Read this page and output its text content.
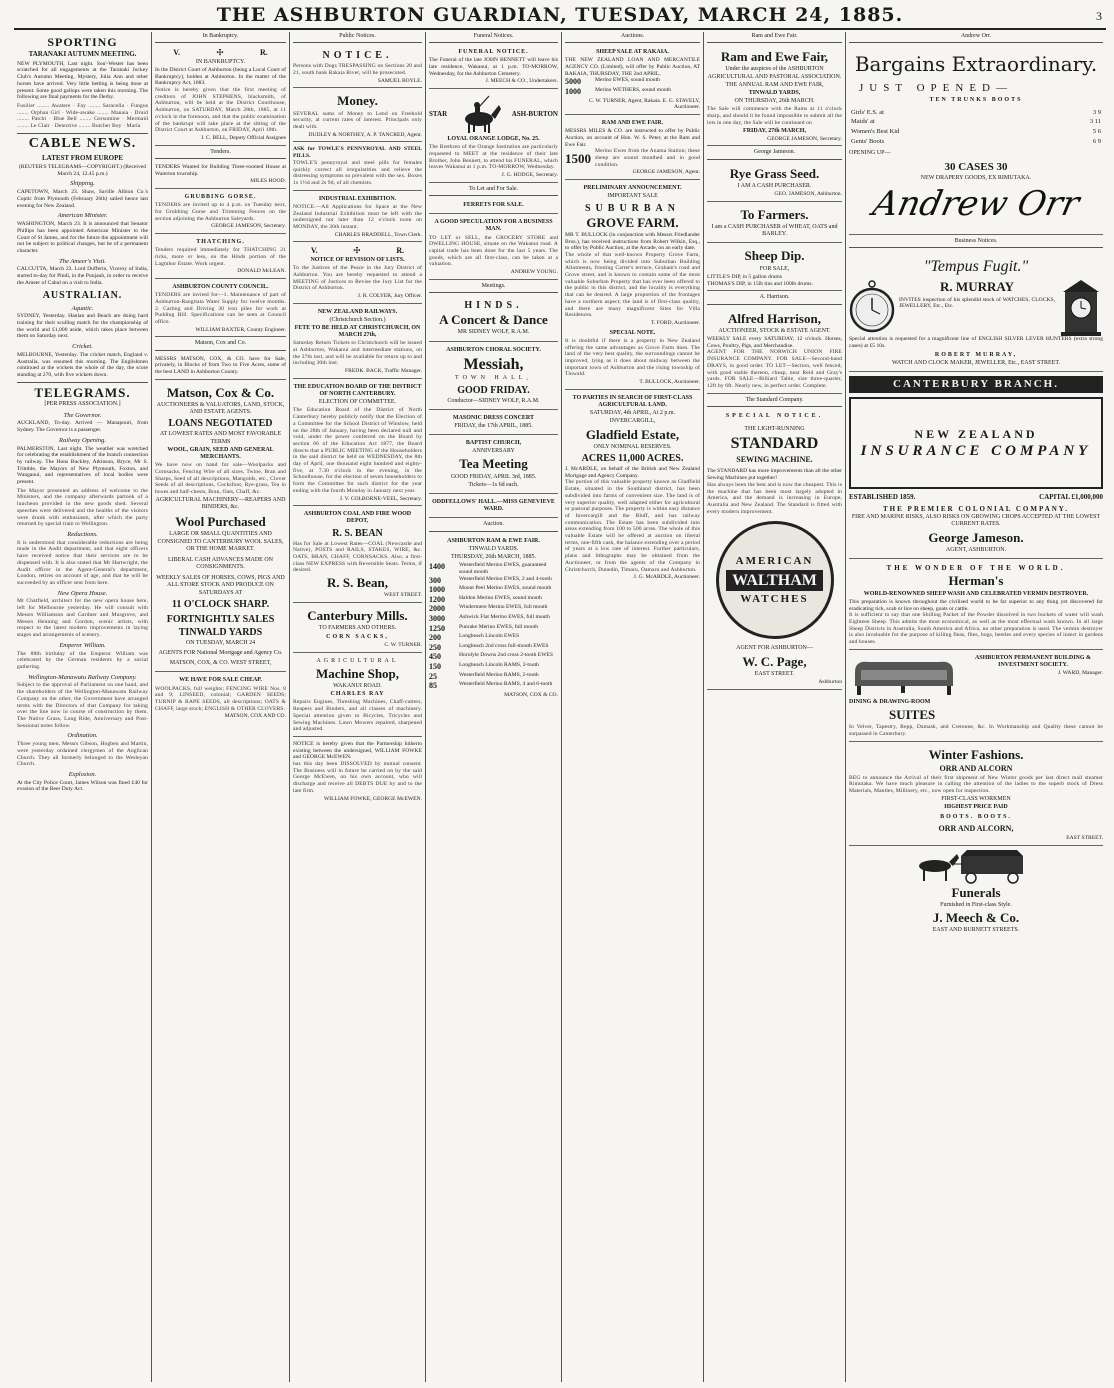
THE ASHBURTON GUARDIAN, TUESDAY, MARCH 24, 1885.	3
SPORTING
TARANAKI AUTUMN MEETING.

NEW PLYMOUTH, Last night. Sou'-Wester has been scratched for all engagements at the Taranaki Jockey Club's Autumn Meeting. Mystery, Julia Ann and other horses have arrived. Very little betting is being done at present. Some good gallops were taken this morning. The following are final payments for the Derby.

Fusilier ........ Awatere · Fay ........ Saracella · Fungus ........ Orphan Girl · Wide-awake ........ Manaia · Druid ........ Patchi · Blue Bell ........ Gersomine · Mermaid ........ Le Clair · Detective ........ Butcher Boy · Maria

CABLE NEWS.
LATEST FROM EUROPE

(REUTER'S TELEGRAMS—COPYRIGHT.) (Received March 24, 12.45 p.m.)

Shipping.

CAPETOWN, March 23. Shaw, Saville Albion Co.'s Coptic from Plymouth (February 26th) sailed hence last evening for New Zealand.

American Minister.

WASHINGTON, March 23. It is announced that Senator Phillips has been appointed American Minister to the Court of St James, and for the future the appointment will not be subject to political changes, but be of a permanent character.

The Ameer's Visit.

CALCUTTA, March 23. Lord Dufferin, Viceroy of India, started to-day for Pindi, in the Punjaub, in order to receive the Ameer of Cabul on a visit to India.

AUSTRALIAN.
Aquatic.

SYDNEY, Yesterday. Hanlan and Beach are doing hard training for their sculling match for the championship of the world and £1,000 aside, which takes place between them on Saturday next.

Cricket.

MELBOURNE, Yesterday. The cricket match, England v. Australia, was resumed this morning. The Englishmen continued at the wickets the whole of the day, the score standing at 270, with five wickets down.

TELEGRAMS.
[PER PRESS ASSOCIATION.]
The Governor.

AUCKLAND, To-day. Arrived — Manapouri, from Sydney. The Governor is a passenger.

Railway Opening.

PALMERSTON, Last night. The weather was wretched for celebrating the establishment of the branch connection by railway. The Hons Buckley, Atkinson, Bryce, Mr S. Trimble, the Mayors of New Plymouth, Foxton, and Wanganui, and representatives of local bodies were present.

The Mayor presented an address of welcome to the Ministers, and the company afterwards partook of a luncheon provided in the new goods shed. Several speeches were delivered and the healths of the visitors were drunk with enthusiasm, after which the party returned by special train to Wellington.

Reductions.

It is understood that considerable reductions are being made in the Audit department, and that eight officers have received notice that their services are to be dispensed with. It is also stated that Mr Hartwright, the Audit officer in the Agent-General's department, London, retires on account of age, and that he will be succeeded by an officer sent from here.

New Opera House.

Mr Chatfield, architect for the new opera house here, left for Melbourne yesterday. He will consult with Messrs Williamson and Gardner and Musgrove, and Messrs Henning and Gordon, scenic artists, with respect to the latest modern improvements in laying stages and arrangements of scenery.

Emperor William.

The 88th birthday of the Emperor William was celebrated by the German residents by a social gathering.

Wellington-Manawatu Railway Company.

Subject to the approval of Parliament on one hand, and the shareholders of the Wellington-Manawatu Railway Company on the other, the Government have arranged terms with the Directors of that Company for taking over the line now in course of construction by them. The Native Grass, Long Ride, Anniversary and Post-Sessional notes follow.

Ordination.

Three young men, Messrs Gibson, Hogben and Martin, were yesterday ordained clergymen of the Anglican Church. They all formerly belonged to the Wesleyan Church.

Explosion.

At the City Police Court, James Wilson was fined £40 for evasion of the Beer Duty Act.

In Bankruptcy.
V.	☩	R.
IN BANKRUPTCY.

In the District Court of Ashburton (being a Local Court of Bankruptcy), holden at Ashburton. In the matter of the Bankruptcy Act, 1883.

Notice is hereby given that the first meeting of creditors of JOHN STEPHENS, blacksmith, of Ashburton, will be held at the District Courthouse, Ashburton, on SATURDAY, March 28th, 1885, at 11 o'clock in the forenoon, and that the public examination of the bankrupt will take place at the sitting of the District Court at Ashburton, on FRIDAY, April 10th.

J. C. BELL, Deputy Official Assignee
Tenders.

TENDERS Wanted for Building Three-roomed House at Waterton township.

MILES HOOD.
GRUBBING GORSE.

TENDERS are invited up to 4 p.m. on Tuesday next, for Grubbing Gorse and Trimming Fences on the section adjoining the Ashburton Saleyards.

GEORGE JAMESON, Secretary.
THATCHING.

Tenders required immediately for THATCHING 21 ricks, more or less, on the Hinds portion of the Lagmhor Estate. Work urgent.

DONALD McLEAN.
ASHBURTON COUNTY COUNCIL.

TENDERS are invited for—1. Maintenance of part of Ashburton-Rangitata Water Supply for twelve months. 2. Carting and Driving 30 iron piles for work at Pudding Hill. Specifications can be seen at Council office.

WILLIAM BAXTER, County Engineer.
Matson, Cox and Co.

MESSRS MATSON, COX, & CO. have for Sale, privately, in Blocks of from Two to Five Acres, some of the best LAND in Ashburton County.

Matson, Cox & Co.
AUCTIONEERS & VALUATORS, LAND, STOCK, AND ESTATE AGENTS.
LOANS NEGOTIATED
AT LOWEST RATES AND MOST FAVORABLE TERMS
WOOL, GRAIN, SEED AND GENERAL MERCHANTS.

We have now on hand for sale—Woolpacks and Cornsacks, Fencing Wire of all sizes, Twine, Bran and Sharps, Seed of all descriptions, Mangolds, etc., Clover Seeds of all descriptions, Cocksfoot, Rye-grass, Tea in boxes and half-chests, Bran, Oats, Chaff, &c.

AGRICULTURAL MACHINERY—REAPERS AND BINDERS, &c.
Wool Purchased
LARGE OR SMALL QUANTITIES AND CONSIGNED TO CANTERBURY WOOL SALES, OR THE HOME MARKET.
LIBERAL CASH ADVANCES MADE ON CONSIGNMENTS.
WEEKLY SALES OF HORSES, COWS, PIGS AND ALL STORE STOCK AND PRODUCE ON SATURDAYS AT
11 O'CLOCK SHARP.
FORTNIGHTLY SALES
TINWALD YARDS
ON TUESDAY, MARCH 24
AGENTS FOR National Mortgage and Agency Co.
MATSON, COX, & CO. WEST STREET,
WE HAVE FOR SALE CHEAP.

WOOLPACKS, full weights; FENCING WIRE Nos. 8 and 9; LINSEED, colonial; GARDEN SEEDS; TURNIP & RAPE SEEDS, all descriptions; OATS & CHAFF, large stock; ENGLISH & OTHER CLOVERS.

MATSON, COX AND CO.
Public Notices.
NOTICE.

Persons with Dogs TRESPASSING on Sections 20 and 21, south bank Rakaia River, will be prosecuted.

SAMUEL BOYLE.
Money.

SEVERAL sums of Money to Lend on Freehold security, at current rates of interest. Principals only dealt with.

DUDLEY & NORTHEY, A. P. TANCRED, Agent.

ASK for TOWLE'S PENNYROYAL AND STEEL PILLS.

TOWLE'S pennyroyal and steel pills for females quickly correct all irregularities and relieve the distressing symptoms so prevalent with the sex. Boxes 1s 1½d and 2s 9d, of all chemists.

INDUSTRIAL EXHIBITION.

NOTICE.—All Applications for Space at the New Zealand Industrial Exhibition must be left with the undersigned not later than 12 o'clock noon on MONDAY, the 30th instant.

CHARLES BRADDELL, Town Clerk.
V.	☩	R.
NOTICE OF REVISION OF LISTS.

To the Justices of the Peace in the Jury District of Ashburton. You are hereby requested to attend a MEETING of Justices to Revise the Jury List for the District of Ashburton.

J. R. COLYER, Jury Officer.
NEW ZEALAND RAILWAYS.
(Christchurch Section.)
FETE TO BE HELD AT CHRISTCHURCH, ON MARCH 27th,

Saturday Return Tickets to Christchurch will be issued at Ashburton, Wakanui and intermediate stations, on the 27th inst, and will be available for return up to and including 30th inst.

FREDK. BACK, Traffic Manager.
THE EDUCATION BOARD OF THE DISTRICT OF NORTH CANTERBURY.
ELECTION OF COMMITTEE.

The Education Board of the District of North Canterbury hereby publicly notify that the Election of a Committee for the School District of Winslow, held on the 28th of January, having been declared null and void, under the power conferred on the Board by section 66 of the Education Act 1877, the Board directs that a PUBLIC MEETING of the Householders in the said district be held on WEDNESDAY, the 8th day of April, one thousand eight hundred and eighty-five, at 7.30 o'clock in the evening, in the Schoolhouse, for the election of seven householders to form the Committee for such district for the year ending with the fourth Monday in January next year.

J. V. COLBORNE-VEEL, Secretary.
ASHBURTON COAL AND FIRE WOOD DEPOT,
R. S. BEAN

Has for Sale at Lowest Rates—COAL (Newcastle and Native), POSTS and RAILS, STAKES, WIRE, &c. OATS, BRAN, CHAFF, CORNSACKS. Also, a first-class NEW EXPRESS with Reversible Seats. Terms, if desired.

R. S. Bean,
WEST STREET.
Canterbury Mills.
TO FARMERS AND OTHERS.
CORN SACKS,
C. W. TURNER.
AGRICULTURAL
Machine Shop,
WAKANUI ROAD.
CHARLES RAY

Repairs Engines, Threshing Machines, Chaff-cutters, Reapers and Binders, and all classes of machinery. Special attention given to Bicycles, Tricycles and Sewing Machines. Lawn Mowers repaired, sharpened and adjusted.

NOTICE is hereby given that the Partnership hitherto existing between the undersigned, WILLIAM FOWKE and GEORGE McEWEN.

has this day been DISSOLVED by mutual consent. The Business will in future be carried on by the said George McEwen, on his own account, who will discharge and receive all DEBTS DUE by and to the late firm.

WILLIAM FOWKE, GEORGE McEWEN.
Funeral Notices.
FUNERAL NOTICE.

The Funeral of the late JOHN BENNETT will leave his late residence, Wakanui, at 1 p.m. TO-MORROW, Wednesday, for the Ashburton Cemetery.

J. MEECH & CO., Undertakers.
STAR	ASH-BURTON
LOYAL ORANGE LODGE, No. 25.

The Brethren of the Orange Institution are particularly requested to MEET at the residence of their late Brother, John Bennett, to attend his FUNERAL, which leaves Wakanui at 1 p.m. TO-MORROW, Wednesday.

J. G. HODGE, Secretary.
To Let and For Sale.
FERRETS FOR SALE.
A GOOD SPECULATION FOR A BUSINESS MAN.

TO LET or SELL, the GROCERY STORE and DWELLING HOUSE, situate on the Wakanui road. A capital trade has been done for the last 5 years. The goods, which are all first-class, can be taken at a valuation.

ANDREW YOUNG.
Meetings.
HINDS.
A Concert & Dance
MR SIDNEY WOLF, R.A.M.
ASHBURTON CHORAL SOCIETY.
Messiah,
TOWN HALL,
GOOD FRIDAY.
Conductor—SIDNEY WOLF, R.A.M.
MASONIC DRESS CONCERT
FRIDAY, the 17th APRIL, 1885.
BAPTIST CHURCH,
ANNIVERSARY
Tea Meeting
GOOD FRIDAY, APRIL 3rd, 1885.
Tickets—1s 6d each.
ODDFELLOWS' HALL.—MISS GENEVIEVE WARD.
Auction.
ASHBURTON RAM & EWE FAIR.
TINWALD YARDS.
THURSDAY, 26th MARCH, 1885.
1400	Westerfield Merino EWES, guaranteed sound mouth
300	Westerfield Merino EWES, 2 and 4-tooth
1000	Mount Peel Merino EWES, sound mouth
1200	Haldon Merino EWES, sound mouth
2000	Windermere Merino EWES, full mouth
3000	Ashwick Flat Merino EWES, full mouth
1250	Punrake Merino EWES, full mouth
200	Longbeach Lincoln EWES
250	Longbeach 2nd cross full-mouth EWES
450	Horolyle Downs 2nd cross 2-tooth EWES
150	Longbeach Lincoln RAMS, 2-tooth
25	Westerfield Merino RAMS, 2-tooth
85	Westerfield Merino RAMS, 4 and 6-tooth
MATSON, COX & CO.
Auctions.
SHEEP SALE AT RAKAIA.

THE NEW ZEALAND LOAN AND MERCANTILE AGENCY CO. (Limited), will offer by Public Auction, AT RAKAIA, THURSDAY, THE 2nd APRIL,

5000	Merino EWES, sound mouth
1000	Merino WETHERS, sound mouth
C. W. TURNER, Agent, Rakaia. E. G. STAVELY, Auctioneer.
RAM AND EWE FAIR.

MESSRS MILES & CO. are instructed to offer by Public Auction, on account of Hon. W. S. Peter, at the Ram and Ewe Fair.

1500 Merino Ewes from the Anama Station; these sheep are sound mouthed and in good condition.
GEORGE JAMESON, Agent.
PRELIMINARY ANNOUNCEMENT.
IMPORTANT SALE
SUBURBAN
GROVE FARM.

MR T. BULLOCK (in conjunction with Messrs Friedlander Bros.), has received instructions from Robert Wilkin, Esq., to offer by Public Auction, at the Arcade, on an early date.

The whole of that well-known Property Grove Farm, which is now being divided into Suburban Building Allotments, fronting Carter's terrace, Graham's road and Grove street, and is known to contain some of the most valuable Suburban Property that has ever been offered to the public in this district, and the locality is everything that can be desired. A large proportion of the frontages have a northern aspect; the land is of first-class quality, and there are many magnificent Sites for Villa Residences.

T. FORD, Auctioneer.
SPECIAL NOTE.

It is doubtful if there is a property in New Zealand offering the same advantages as Grove Farm does. The land of the very best quality, the surroundings cannot be improved, lying as it does about midway between the important town of Ashburton and the rising township of Tinwald.

T. BULLOCK, Auctioneer.
TO PARTIES IN SEARCH OF FIRST-CLASS AGRICULTURAL LAND.
SATURDAY, 4th APRIL, At 2 p.m.
INVERCARGILL,
Gladfield Estate,
ONLY NOMINAL RESERVES.
ACRES 11,000 ACRES.

J. McARDLE, on behalf of the British and New Zealand Mortgage and Agency Company.

The portion of this valuable property known as Gladfield Estate, situated in the Southland district, has been subdivided into farms of convenient size. The land is of very superior quality, well adapted either for agricultural or pastoral purposes. The property is within easy distance of Invercargill and the Bluff, and has railway communication. The Estate has been subdivided into areas extending from 100 to 500 acres. The whole of this valuable Estate will be offered at auction on liberal terms, one-fifth cash, the balance extending over a period of years at a low rate of interest. Further particulars, plans and lithographs may be obtained from the Auctioneer, or from the agents of the Company in Christchurch, Dunedin, Timaru, Oamaru and Ashburton.

J. G. McARDLE, Auctioneer.
Ram and Ewe Fair.
Ram and Ewe Fair,
Under the auspices of the ASHBURTON AGRICULTURAL AND PASTORAL ASSOCIATION.
THE ANNUAL RAM AND EWE FAIR,
TINWALD YARDS,
ON THURSDAY, 26th MARCH.

The Sale will commence with the Rams at 11 o'clock sharp, and should it be found impossible to submit all the lots in one day, the Sale will be continued on

FRIDAY, 27th MARCH,
GEORGE JAMESON, Secretary.
George Jameson.
Rye Grass Seed.
I AM A CASH PURCHASER.
GEO. JAMESON, Ashburton.
To Farmers.
I am a CASH PURCHASER of WHEAT, OATS and BARLEY.
Sheep Dip.
FOR SALE,

LITTLE'S DIP, in 5 gallon drums

THOMAS'S DIP, in 15lb tins and 100lb drums.

A. Harrison.
Alfred Harrison,
AUCTIONEER, STOCK & ESTATE AGENT.

WEEKLY SALE every SATURDAY, 12 o'clock. Horses, Cows, Poultry, Pigs, and Merchandise.

AGENT FOR THE NORWICH UNION FIRE INSURANCE COMPANY. FOR SALE—Second-hand DRAYS, in good order. TO LET—Section, well fenced, with good stable thereon, cheap, near Reid and Gray's yards. FOR SALE—Billiard Table, size three-quarter, 12ft by 6ft. Nearly new, in perfect order. Complete.

The Standard Company.
SPECIAL NOTICE.
THE LIGHT-RUNNING
STANDARD
SEWING MACHINE.

The STANDARD has more improvements than all the other Sewing Machines put together!

Has always been the best and is now the cheapest. This is the machine that has been most largely adopted in America, and the demand is increasing in Europe, Australia and New Zealand. The Standard is fitted with every modern improvement.

AMERICAN
WALTHAM
WATCHES
AGENT FOR ASHBURTON—
W. C. Page,
EAST STREET.
Ashburton
Andrew Orr.
Bargains Extraordinary.
JUST OPENED—
TEN TRUNKS BOOTS
Girls' E.S. at	3 9
Maids' at	3 11
Women's Best Kid	5 6
Gents' Boots	6 9
OPENING UP—
30 CASES 30
NEW DRAPERY GOODS, EX RIMUTAKA.
Andrew Orr
Business Notices.
"Tempus Fugit."
R. MURRAY

INVITES inspection of his splendid stock of WATCHES, CLOCKS, JEWELLERY, Etc., Etc.

Special attention is requested for a magnificent line of ENGLISH SILVER LEVER HUNTERS (extra strong cases) at £5 10s.

ROBERT MURRAY,
WATCH AND CLOCK MAKER, JEWELLER, Etc., EAST STREET.
CANTERBURY BRANCH.
NEW ZEALAND
INSURANCE COMPANY
ESTABLISHED 1859.	CAPITAL £1,000,000
THE PREMIER COLONIAL COMPANY.
FIRE AND MARINE RISKS, ALSO RISKS ON GROWING CROPS ACCEPTED AT THE LOWEST CURRENT RATES.
George Jameson.
AGENT, ASHBURTON.
THE WONDER OF THE WORLD.
Herman's
WORLD-RENOWNED SHEEP WASH AND CELEBRATED VERMIN DESTROYER.

This preparation is known throughout the civilised world to be far superior to any thing yet discovered for eradicating tick, scab or lice on sheep, goats or cattle.

It is sufficient to say that one Shilling Packet of the Powder dissolved in two buckets of water will wash Eighteen Sheep. This admits the most economical, as well as the most effectual wash known. In all large Sheep Districts in Australia, South America and Africa, no other preparation is used. The vermin destroyer is also invaluable for the purpose of killing fleas, flies, bugs, beetles and every species of insect in gardens and houses.

ASHBURTON PERMANENT BUILDING & INVESTMENT SOCIETY.
J. WARD, Manager.
DINING & DRAWING-ROOM
SUITES

In Velvet, Tapestry, Repp, Damask, and Cretonne, &c. In Workmanship and Quality these cannot be surpassed in Canterbury.

Winter Fashions.
ORR AND ALCORN

BEG to announce the Arrival of their first shipment of New Winter goods per last direct mail steamer Rimutaka. We have much pleasure in calling the attention of the ladies to the superb stock of Dress Materials, Mantles, Millinery, etc., now open for inspection.

FIRST-CLASS WORKMEN
HIGHEST PRICE PAID
BOOTS. BOOTS.
ORR AND ALCORN,
EAST STREET.
Funerals
Furnished in First-class Style.
J. Meech & Co.
EAST AND BURNETT STREETS.
